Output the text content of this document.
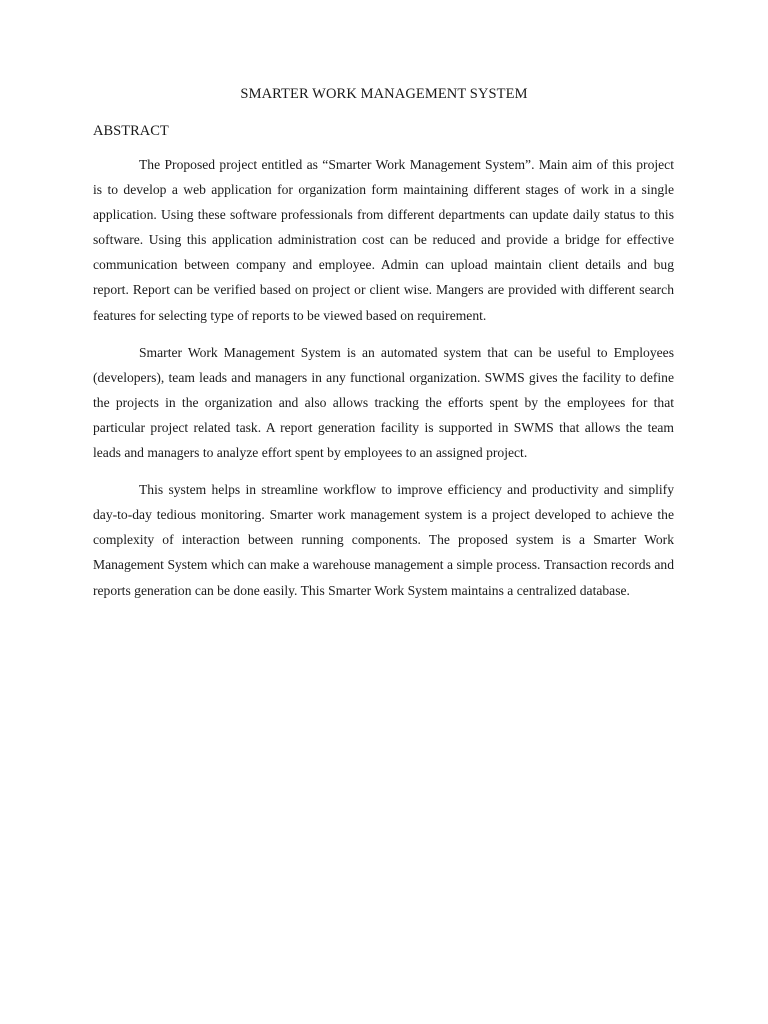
SMARTER WORK MANAGEMENT SYSTEM
ABSTRACT

The Proposed project entitled as “Smarter Work Management System”. Main aim of this project is to develop a web application for organization form maintaining different stages of work in a single application. Using these software professionals from different departments can update daily status to this software. Using this application administration cost can be reduced and provide a bridge for effective communication between company and employee. Admin can upload maintain client details and bug report. Report can be verified based on project or client wise. Mangers are provided with different search features for selecting type of reports to be viewed based on requirement.

Smarter Work Management System is an automated system that can be useful to Employees (developers), team leads and managers in any functional organization. SWMS gives the facility to define the projects in the organization and also allows tracking the efforts spent by the employees for that particular project related task. A report generation facility is supported in SWMS that allows the team leads and managers to analyze effort spent by employees to an assigned project.

This system helps in streamline workflow to improve efficiency and productivity and simplify day-to-day tedious monitoring. Smarter work management system is a project developed to achieve the complexity of interaction between running components. The proposed system is a Smarter Work Management System which can make a warehouse management a simple process. Transaction records and reports generation can be done easily. This Smarter Work System maintains a centralized database.
